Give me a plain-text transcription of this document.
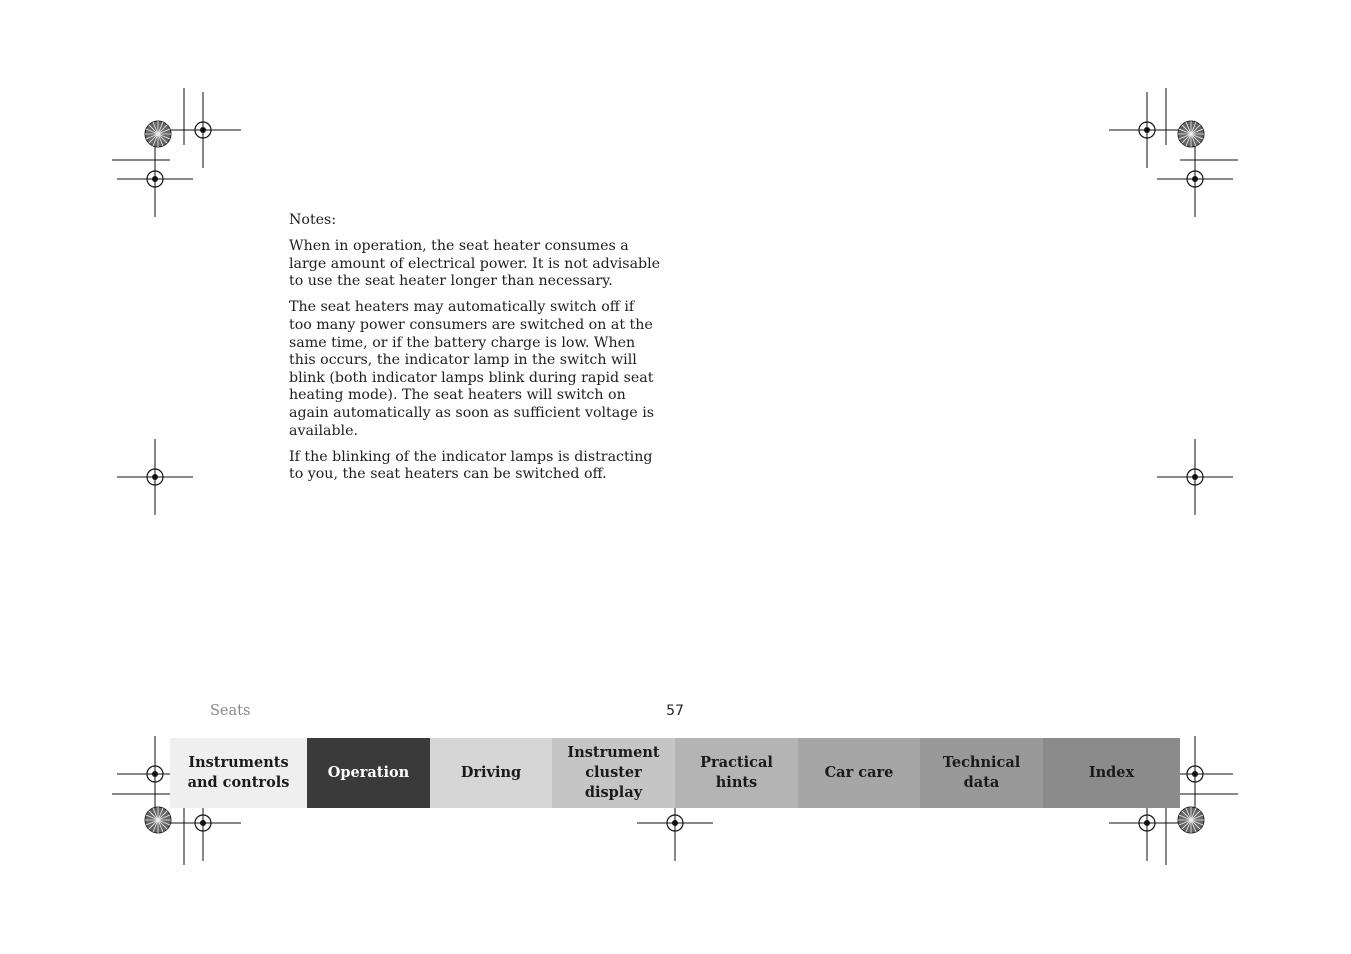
Notes:

When in operation, the seat heater consumes a large amount of electrical power. It is not advisable to use the seat heater longer than necessary.

The seat heaters may automatically switch off if too many power consumers are switched on at the same time, or if the battery charge is low. When this occurs, the indicator lamp in the switch will blink (both indicator lamps blink during rapid seat heating mode). The seat heaters will switch on again automatically as soon as sufficient voltage is available.

If the blinking of the indicator lamps is distracting to you, the seat heaters can be switched off.

Seats	57
Instruments
and controls
Operation	Driving
Instrument
cluster display
Practical hints
Car care
Technical
data
Index
